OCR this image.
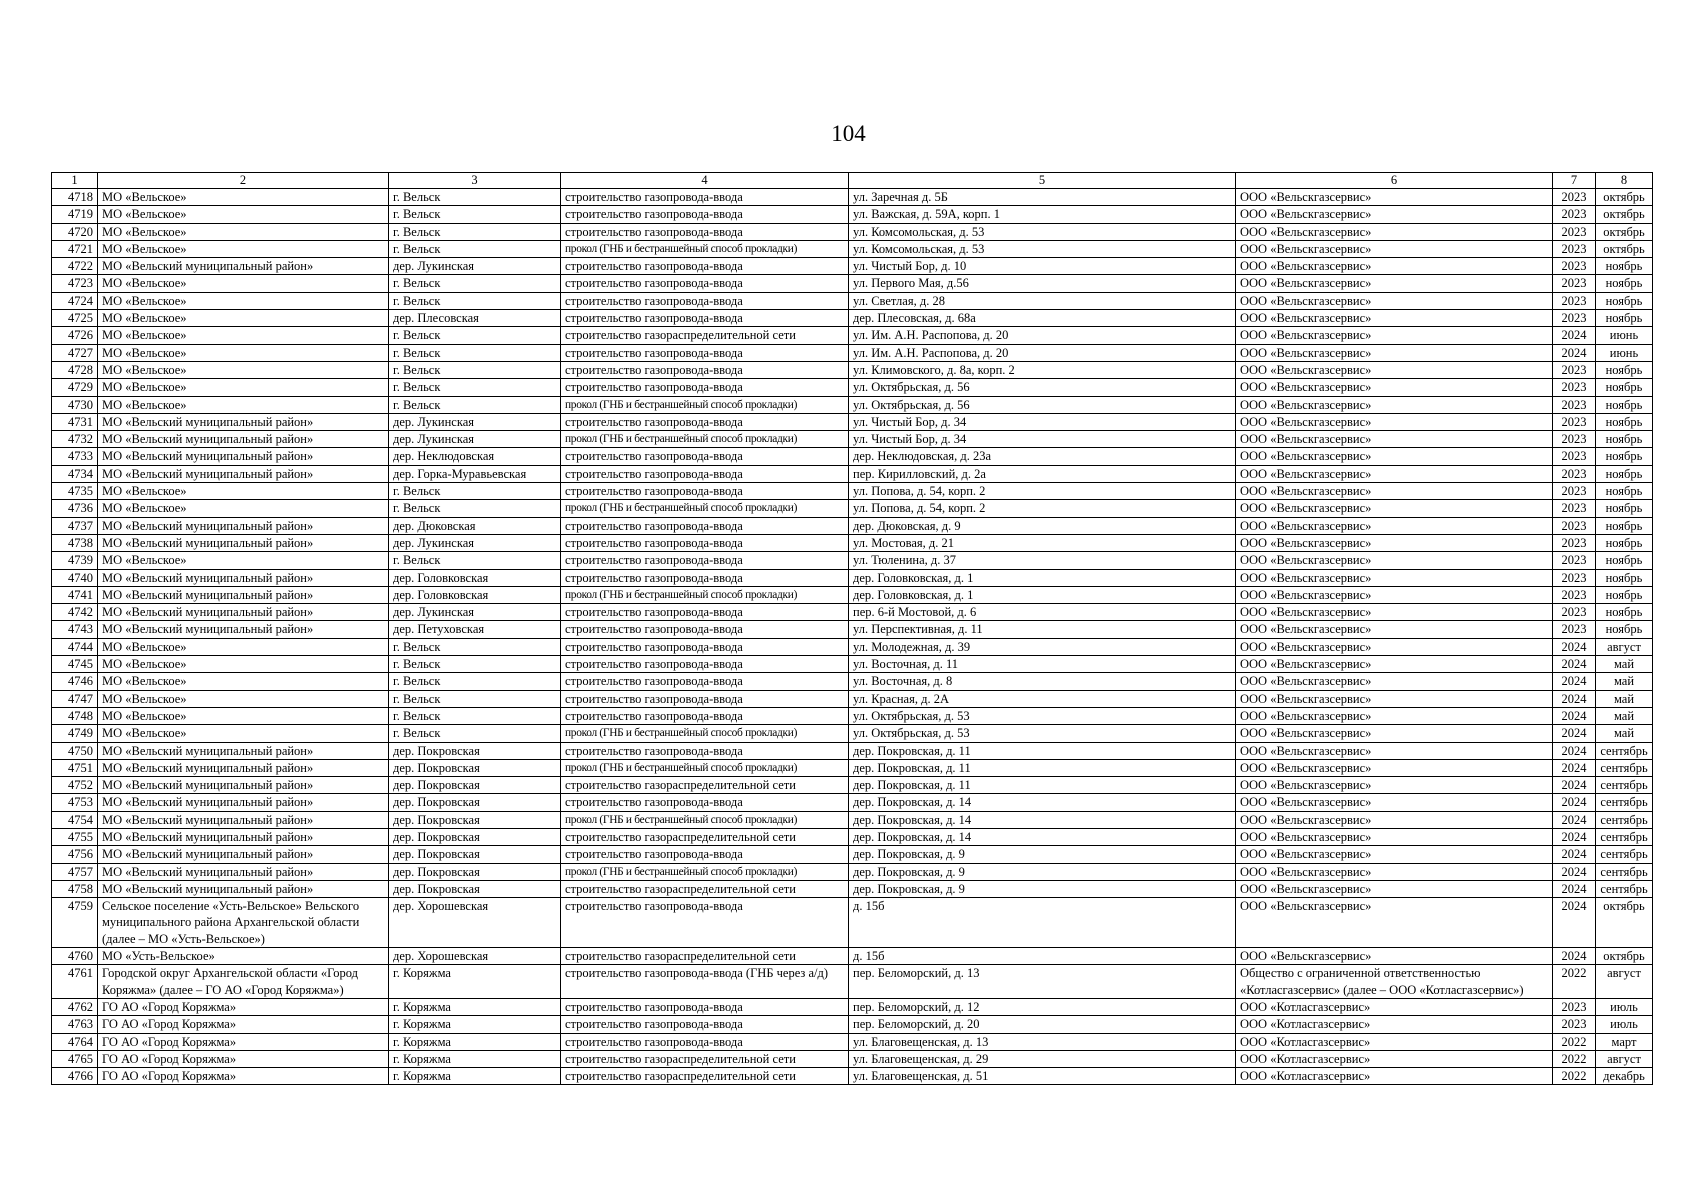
104
1	2	3	4	5	6	7	8
4718	МО «Вельское»	г. Вельск	строительство газопровода-ввода	ул. Заречная д. 5Б	ООО «Вельскгазсервис»	2023	октябрь
4719	МО «Вельское»	г. Вельск	строительство газопровода-ввода	ул. Важская, д. 59А, корп. 1	ООО «Вельскгазсервис»	2023	октябрь
4720	МО «Вельское»	г. Вельск	строительство газопровода-ввода	ул. Комсомольская, д. 53	ООО «Вельскгазсервис»	2023	октябрь
4721	МО «Вельское»	г. Вельск	прокол (ГНБ и бестраншейный способ прокладки)	ул. Комсомольская, д. 53	ООО «Вельскгазсервис»	2023	октябрь
4722	МО «Вельский муниципальный район»	дер. Лукинская	строительство газопровода-ввода	ул. Чистый Бор, д. 10	ООО «Вельскгазсервис»	2023	ноябрь
4723	МО «Вельское»	г. Вельск	строительство газопровода-ввода	ул. Первого Мая, д.56	ООО «Вельскгазсервис»	2023	ноябрь
4724	МО «Вельское»	г. Вельск	строительство газопровода-ввода	ул. Светлая, д. 28	ООО «Вельскгазсервис»	2023	ноябрь
4725	МО «Вельское»	дер. Плесовская	строительство газопровода-ввода	дер. Плесовская, д. 68а	ООО «Вельскгазсервис»	2023	ноябрь
4726	МО «Вельское»	г. Вельск	строительство газораспределительной сети	ул. Им. А.Н. Распопова, д. 20	ООО «Вельскгазсервис»	2024	июнь
4727	МО «Вельское»	г. Вельск	строительство газопровода-ввода	ул. Им. А.Н. Распопова, д. 20	ООО «Вельскгазсервис»	2024	июнь
4728	МО «Вельское»	г. Вельск	строительство газопровода-ввода	ул. Климовского, д. 8а, корп. 2	ООО «Вельскгазсервис»	2023	ноябрь
4729	МО «Вельское»	г. Вельск	строительство газопровода-ввода	ул. Октябрьская, д. 56	ООО «Вельскгазсервис»	2023	ноябрь
4730	МО «Вельское»	г. Вельск	прокол (ГНБ и бестраншейный способ прокладки)	ул. Октябрьская, д. 56	ООО «Вельскгазсервис»	2023	ноябрь
4731	МО «Вельский муниципальный район»	дер. Лукинская	строительство газопровода-ввода	ул. Чистый Бор, д. 34	ООО «Вельскгазсервис»	2023	ноябрь
4732	МО «Вельский муниципальный район»	дер. Лукинская	прокол (ГНБ и бестраншейный способ прокладки)	ул. Чистый Бор, д. 34	ООО «Вельскгазсервис»	2023	ноябрь
4733	МО «Вельский муниципальный район»	дер. Неклюдовская	строительство газопровода-ввода	дер. Неклюдовская, д. 23а	ООО «Вельскгазсервис»	2023	ноябрь
4734	МО «Вельский муниципальный район»	дер. Горка-Муравьевская	строительство газопровода-ввода	пер. Кирилловский, д. 2а	ООО «Вельскгазсервис»	2023	ноябрь
4735	МО «Вельское»	г. Вельск	строительство газопровода-ввода	ул. Попова, д. 54, корп. 2	ООО «Вельскгазсервис»	2023	ноябрь
4736	МО «Вельское»	г. Вельск	прокол (ГНБ и бестраншейный способ прокладки)	ул. Попова, д. 54, корп. 2	ООО «Вельскгазсервис»	2023	ноябрь
4737	МО «Вельский муниципальный район»	дер. Дюковская	строительство газопровода-ввода	дер. Дюковская, д. 9	ООО «Вельскгазсервис»	2023	ноябрь
4738	МО «Вельский муниципальный район»	дер. Лукинская	строительство газопровода-ввода	ул. Мостовая, д. 21	ООО «Вельскгазсервис»	2023	ноябрь
4739	МО «Вельское»	г. Вельск	строительство газопровода-ввода	ул. Тюленина, д. 37	ООО «Вельскгазсервис»	2023	ноябрь
4740	МО «Вельский муниципальный район»	дер. Головковская	строительство газопровода-ввода	дер. Головковская, д. 1	ООО «Вельскгазсервис»	2023	ноябрь
4741	МО «Вельский муниципальный район»	дер. Головковская	прокол (ГНБ и бестраншейный способ прокладки)	дер. Головковская, д. 1	ООО «Вельскгазсервис»	2023	ноябрь
4742	МО «Вельский муниципальный район»	дер. Лукинская	строительство газопровода-ввода	пер. 6-й Мостовой, д. 6	ООО «Вельскгазсервис»	2023	ноябрь
4743	МО «Вельский муниципальный район»	дер. Петуховская	строительство газопровода-ввода	ул. Перспективная, д. 11	ООО «Вельскгазсервис»	2023	ноябрь
4744	МО «Вельское»	г. Вельск	строительство газопровода-ввода	ул. Молодежная, д. 39	ООО «Вельскгазсервис»	2024	август
4745	МО «Вельское»	г. Вельск	строительство газопровода-ввода	ул. Восточная, д. 11	ООО «Вельскгазсервис»	2024	май
4746	МО «Вельское»	г. Вельск	строительство газопровода-ввода	ул. Восточная, д. 8	ООО «Вельскгазсервис»	2024	май
4747	МО «Вельское»	г. Вельск	строительство газопровода-ввода	ул. Красная, д. 2А	ООО «Вельскгазсервис»	2024	май
4748	МО «Вельское»	г. Вельск	строительство газопровода-ввода	ул. Октябрьская, д. 53	ООО «Вельскгазсервис»	2024	май
4749	МО «Вельское»	г. Вельск	прокол (ГНБ и бестраншейный способ прокладки)	ул. Октябрьская, д. 53	ООО «Вельскгазсервис»	2024	май
4750	МО «Вельский муниципальный район»	дер. Покровская	строительство газопровода-ввода	дер. Покровская, д. 11	ООО «Вельскгазсервис»	2024	сентябрь
4751	МО «Вельский муниципальный район»	дер. Покровская	прокол (ГНБ и бестраншейный способ прокладки)	дер. Покровская, д. 11	ООО «Вельскгазсервис»	2024	сентябрь
4752	МО «Вельский муниципальный район»	дер. Покровская	строительство газораспределительной сети	дер. Покровская, д. 11	ООО «Вельскгазсервис»	2024	сентябрь
4753	МО «Вельский муниципальный район»	дер. Покровская	строительство газопровода-ввода	дер. Покровская, д. 14	ООО «Вельскгазсервис»	2024	сентябрь
4754	МО «Вельский муниципальный район»	дер. Покровская	прокол (ГНБ и бестраншейный способ прокладки)	дер. Покровская, д. 14	ООО «Вельскгазсервис»	2024	сентябрь
4755	МО «Вельский муниципальный район»	дер. Покровская	строительство газораспределительной сети	дер. Покровская, д. 14	ООО «Вельскгазсервис»	2024	сентябрь
4756	МО «Вельский муниципальный район»	дер. Покровская	строительство газопровода-ввода	дер. Покровская, д. 9	ООО «Вельскгазсервис»	2024	сентябрь
4757	МО «Вельский муниципальный район»	дер. Покровская	прокол (ГНБ и бестраншейный способ прокладки)	дер. Покровская, д. 9	ООО «Вельскгазсервис»	2024	сентябрь
4758	МО «Вельский муниципальный район»	дер. Покровская	строительство газораспределительной сети	дер. Покровская, д. 9	ООО «Вельскгазсервис»	2024	сентябрь
4759	Сельское поселение «Усть-Вельское» Вельского муниципального района Архангельской области (далее – МО «Усть-Вельское»)	дер. Хорошевская	строительство газопровода-ввода	д. 15б	ООО «Вельскгазсервис»	2024	октябрь
4760	МО «Усть-Вельское»	дер. Хорошевская	строительство газораспределительной сети	д. 15б	ООО «Вельскгазсервис»	2024	октябрь
4761	Городской округ Архангельской области «Город Коряжма» (далее – ГО АО «Город Коряжма»)	г. Коряжма	строительство газопровода-ввода (ГНБ через а/д)	пер. Беломорский, д. 13	Общество с ограниченной ответственностью «Котласгазсервис» (далее – ООО «Котласгазсервис»)	2022	август
4762	ГО АО «Город Коряжма»	г. Коряжма	строительство газопровода-ввода	пер. Беломорский, д. 12	ООО «Котласгазсервис»	2023	июль
4763	ГО АО «Город Коряжма»	г. Коряжма	строительство газопровода-ввода	пер. Беломорский, д. 20	ООО «Котласгазсервис»	2023	июль
4764	ГО АО «Город Коряжма»	г. Коряжма	строительство газопровода-ввода	ул. Благовещенская, д. 13	ООО «Котласгазсервис»	2022	март
4765	ГО АО «Город Коряжма»	г. Коряжма	строительство газораспределительной сети	ул. Благовещенская, д. 29	ООО «Котласгазсервис»	2022	август
4766	ГО АО «Город Коряжма»	г. Коряжма	строительство газораспределительной сети	ул. Благовещенская, д. 51	ООО «Котласгазсервис»	2022	декабрь
